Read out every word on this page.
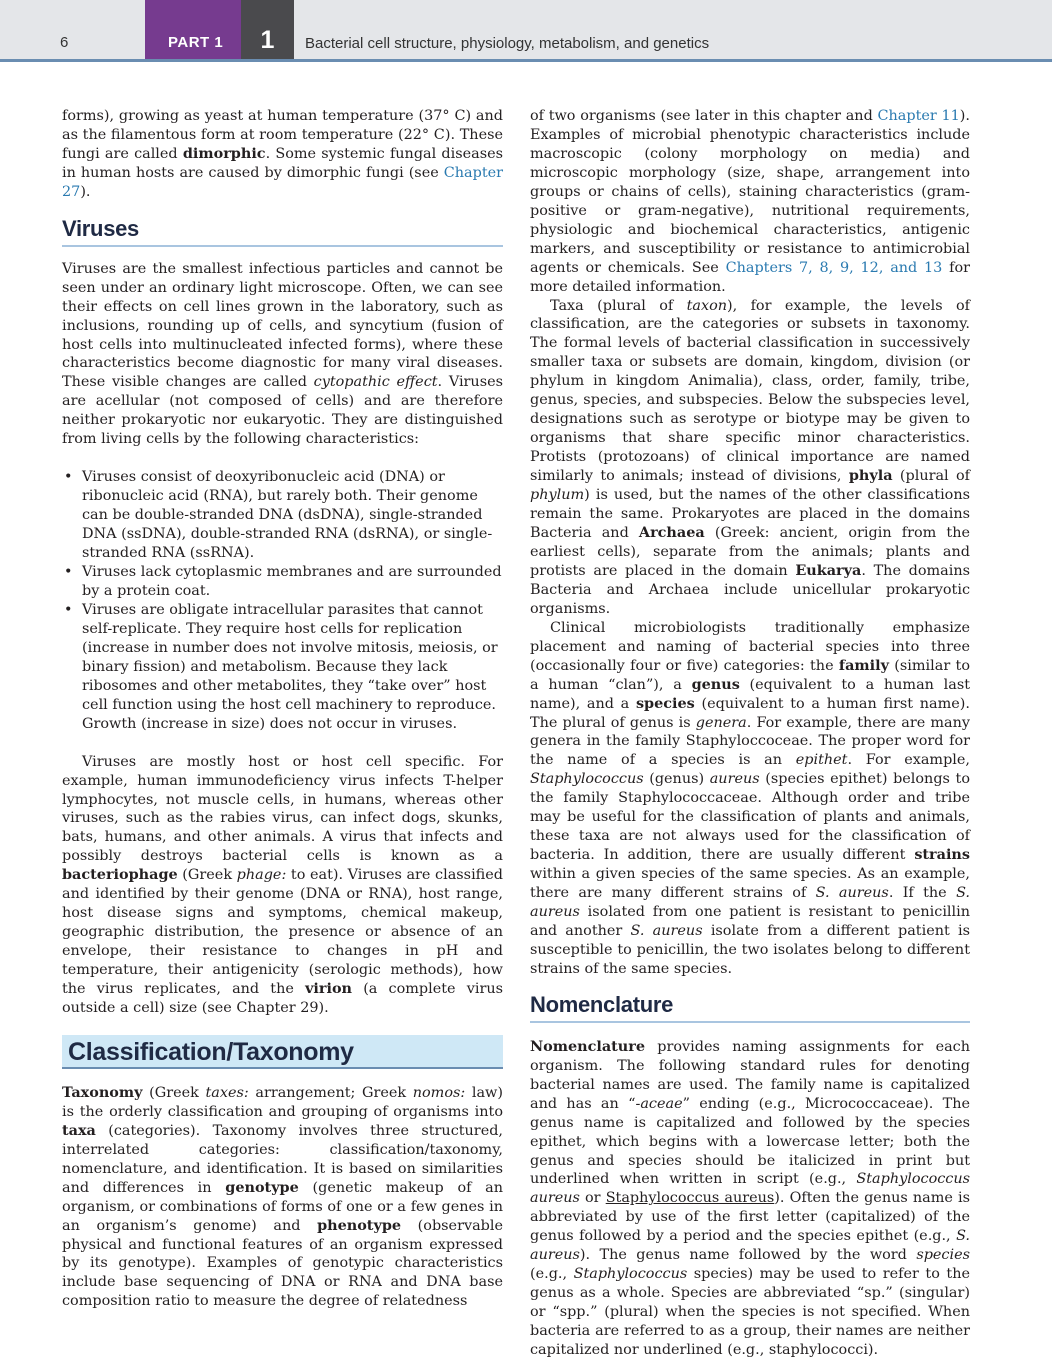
6	PART 1	1	Bacterial cell structure, physiology, metabolism, and genetics

forms), growing as yeast at human temperature (37° C) and as the filamentous form at room temperature (22° C). These fungi are called dimorphic. Some systemic fungal diseases in human hosts are caused by dimorphic fungi (see Chapter 27).

Viruses

Viruses are the smallest infectious particles and cannot be seen under an ordinary light microscope. Often, we can see their effects on cell lines grown in the laboratory, such as inclusions, rounding up of cells, and syncytium (fusion of host cells into multinucleated infected forms), where these characteristics become diagnostic for many viral diseases. These visible changes are called cytopathic effect. Viruses are acellular (not composed of cells) and are therefore neither prokaryotic nor eukaryotic. They are distinguished from living cells by the following characteristics:

• Viruses consist of deoxyribonucleic acid (DNA) or ribonucleic acid (RNA), but rarely both. Their genome can be double-stranded DNA (dsDNA), single-stranded DNA (ssDNA), double-stranded RNA (dsRNA), or single-stranded RNA (ssRNA).
• Viruses lack cytoplasmic membranes and are surrounded by a protein coat.
• Viruses are obligate intracellular parasites that cannot self-replicate. They require host cells for replication (increase in number does not involve mitosis, meiosis, or binary fission) and metabolism. Because they lack ribosomes and other metabolites, they “take over” host cell function using the host cell machinery to reproduce. Growth (increase in size) does not occur in viruses.

Viruses are mostly host or host cell specific. For example, human immunodeficiency virus infects T-helper lymphocytes, not muscle cells, in humans, whereas other viruses, such as the rabies virus, can infect dogs, skunks, bats, humans, and other animals. A virus that infects and possibly destroys bacterial cells is known as a bacteriophage (Greek phage: to eat). Viruses are classified and identified by their genome (DNA or RNA), host range, host disease signs and symptoms, chemical makeup, geographic distribution, the presence or absence of an envelope, their resistance to changes in pH and temperature, their antigenicity (serologic methods), how the virus replicates, and the virion (a complete virus outside a cell) size (see Chapter 29).

Classification/Taxonomy

Taxonomy (Greek taxes: arrangement; Greek nomos: law) is the orderly classification and grouping of organisms into taxa (categories). Taxonomy involves three structured, interrelated categories: classification/taxonomy, nomenclature, and identification. It is based on similarities and differences in genotype (genetic makeup of an organism, or combinations of forms of one or a few genes in an organism’s genome) and phenotype (observable physical and functional features of an organism expressed by its genotype). Examples of genotypic characteristics include base sequencing of DNA or RNA and DNA base composition ratio to measure the degree of relatedness

of two organisms (see later in this chapter and Chapter 11). Examples of microbial phenotypic characteristics include macroscopic (colony morphology on media) and microscopic morphology (size, shape, arrangement into groups or chains of cells), staining characteristics (gram-positive or gram-negative), nutritional requirements, physiologic and biochemical characteristics, antigenic markers, and susceptibility or resistance to antimicrobial agents or chemicals. See Chapters 7, 8, 9, 12, and 13 for more detailed information.

Taxa (plural of taxon), for example, the levels of classification, are the categories or subsets in taxonomy. The formal levels of bacterial classification in successively smaller taxa or subsets are domain, kingdom, division (or phylum in kingdom Animalia), class, order, family, tribe, genus, species, and subspecies. Below the subspecies level, designations such as serotype or biotype may be given to organisms that share specific minor characteristics. Protists (protozoans) of clinical importance are named similarly to animals; instead of divisions, phyla (plural of phylum) is used, but the names of the other classifications remain the same. Prokaryotes are placed in the domains Bacteria and Archaea (Greek: ancient, origin from the earliest cells), separate from the animals; plants and protists are placed in the domain Eukarya. The domains Bacteria and Archaea include unicellular prokaryotic organisms.

Clinical microbiologists traditionally emphasize placement and naming of bacterial species into three (occasionally four or five) categories: the family (similar to a human “clan”), a genus (equivalent to a human last name), and a species (equivalent to a human first name). The plural of genus is genera. For example, there are many genera in the family Staphyloccoceae. The proper word for the name of a species is an epithet. For example, Staphylococcus (genus) aureus (species epithet) belongs to the family Staphylococcaceae. Although order and tribe may be useful for the classification of plants and animals, these taxa are not always used for the classification of bacteria. In addition, there are usually different strains within a given species of the same species. As an example, there are many different strains of S. aureus. If the S. aureus isolated from one patient is resistant to penicillin and another S. aureus isolate from a different patient is susceptible to penicillin, the two isolates belong to different strains of the same species.

Nomenclature

Nomenclature provides naming assignments for each organism. The following standard rules for denoting bacterial names are used. The family name is capitalized and has an “-aceae” ending (e.g., Micrococcaceae). The genus name is capitalized and followed by the species epithet, which begins with a lowercase letter; both the genus and species should be italicized in print but underlined when written in script (e.g., Staphylococcus aureus or Staphylococcus aureus). Often the genus name is abbreviated by use of the first letter (capitalized) of the genus followed by a period and the species epithet (e.g., S. aureus). The genus name followed by the word species (e.g., Staphylococcus species) may be used to refer to the genus as a whole. Species are abbreviated “sp.” (singular) or “spp.” (plural) when the species is not specified. When bacteria are referred to as a group, their names are neither capitalized nor underlined (e.g., staphylococci).
